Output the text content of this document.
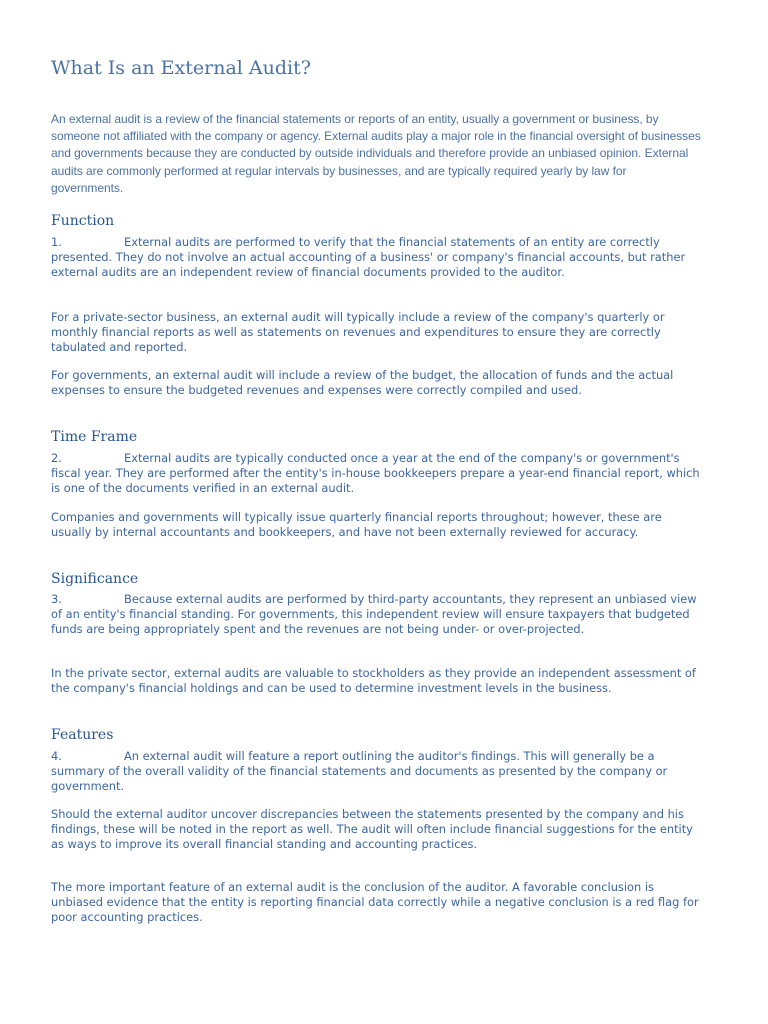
What Is an External Audit?

An external audit is a review of the financial statements or reports of an entity, usually a government or business, by someone not affiliated with the company or agency. External audits play a major role in the financial oversight of businesses and governments because they are conducted by outside individuals and therefore provide an unbiased opinion. External audits are commonly performed at regular intervals by businesses, and are typically required yearly by law for governments.

Function

1.	External audits are performed to verify that the financial statements of an entity are correctly presented. They do not involve an actual accounting of a business' or company's financial accounts, but rather external audits are an independent review of financial documents provided to the auditor.

For a private-sector business, an external audit will typically include a review of the company's quarterly or monthly financial reports as well as statements on revenues and expenditures to ensure they are correctly tabulated and reported.

For governments, an external audit will include a review of the budget, the allocation of funds and the actual expenses to ensure the budgeted revenues and expenses were correctly compiled and used.

Time Frame

2.	External audits are typically conducted once a year at the end of the company's or government's fiscal year. They are performed after the entity's in-house bookkeepers prepare a year-end financial report, which is one of the documents verified in an external audit.

Companies and governments will typically issue quarterly financial reports throughout; however, these are usually by internal accountants and bookkeepers, and have not been externally reviewed for accuracy.

Significance

3.	Because external audits are performed by third-party accountants, they represent an unbiased view of an entity's financial standing. For governments, this independent review will ensure taxpayers that budgeted funds are being appropriately spent and the revenues are not being under- or over-projected.

In the private sector, external audits are valuable to stockholders as they provide an independent assessment of the company's financial holdings and can be used to determine investment levels in the business.

Features

4.	An external audit will feature a report outlining the auditor's findings. This will generally be a summary of the overall validity of the financial statements and documents as presented by the company or government.

Should the external auditor uncover discrepancies between the statements presented by the company and his findings, these will be noted in the report as well. The audit will often include financial suggestions for the entity as ways to improve its overall financial standing and accounting practices.

The more important feature of an external audit is the conclusion of the auditor. A favorable conclusion is unbiased evidence that the entity is reporting financial data correctly while a negative conclusion is a red flag for poor accounting practices.
